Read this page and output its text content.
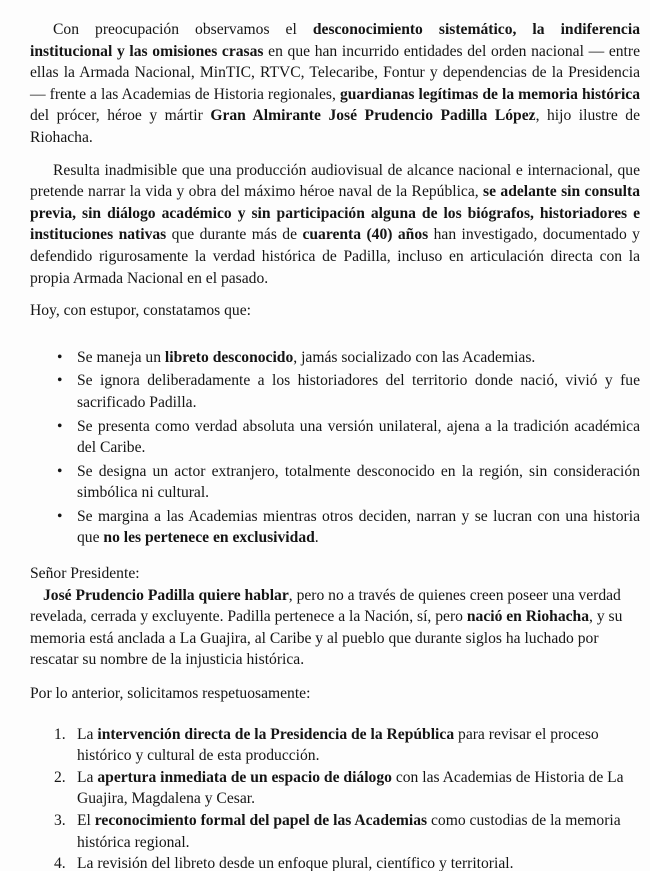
Con preocupación observamos el desconocimiento sistemático, la indiferencia institucional y las omisiones crasas en que han incurrido entidades del orden nacional — entre ellas la Armada Nacional, MinTIC, RTVC, Telecaribe, Fontur y dependencias de la Presidencia— frente a las Academias de Historia regionales, guardianas legítimas de la memoria histórica del prócer, héroe y mártir Gran Almirante José Prudencio Padilla López, hijo ilustre de Riohacha.

Resulta inadmisible que una producción audiovisual de alcance nacional e internacional, que pretende narrar la vida y obra del máximo héroe naval de la República, se adelante sin consulta previa, sin diálogo académico y sin participación alguna de los biógrafos, historiadores e instituciones nativas que durante más de cuarenta (40) años han investigado, documentado y defendido rigurosamente la verdad histórica de Padilla, incluso en articulación directa con la propia Armada Nacional en el pasado.

Hoy, con estupor, constatamos que:

• Se maneja un libreto desconocido, jamás socializado con las Academias.
• Se ignora deliberadamente a los historiadores del territorio donde nació, vivió y fue sacrificado Padilla.
• Se presenta como verdad absoluta una versión unilateral, ajena a la tradición académica del Caribe.
• Se designa un actor extranjero, totalmente desconocido en la región, sin consideración simbólica ni cultural.
• Se margina a las Academias mientras otros deciden, narran y se lucran con una historia que no les pertenece en exclusividad.

Señor Presidente:

José Prudencio Padilla quiere hablar, pero no a través de quienes creen poseer una verdad revelada, cerrada y excluyente. Padilla pertenece a la Nación, sí, pero nació en Riohacha, y su memoria está anclada a La Guajira, al Caribe y al pueblo que durante siglos ha luchado por rescatar su nombre de la injusticia histórica.

Por lo anterior, solicitamos respetuosamente:

1. La intervención directa de la Presidencia de la República para revisar el proceso histórico y cultural de esta producción.
2. La apertura inmediata de un espacio de diálogo con las Academias de Historia de La Guajira, Magdalena y Cesar.
3. El reconocimiento formal del papel de las Academias como custodias de la memoria histórica regional.
4. La revisión del libreto desde un enfoque plural, científico y territorial.
